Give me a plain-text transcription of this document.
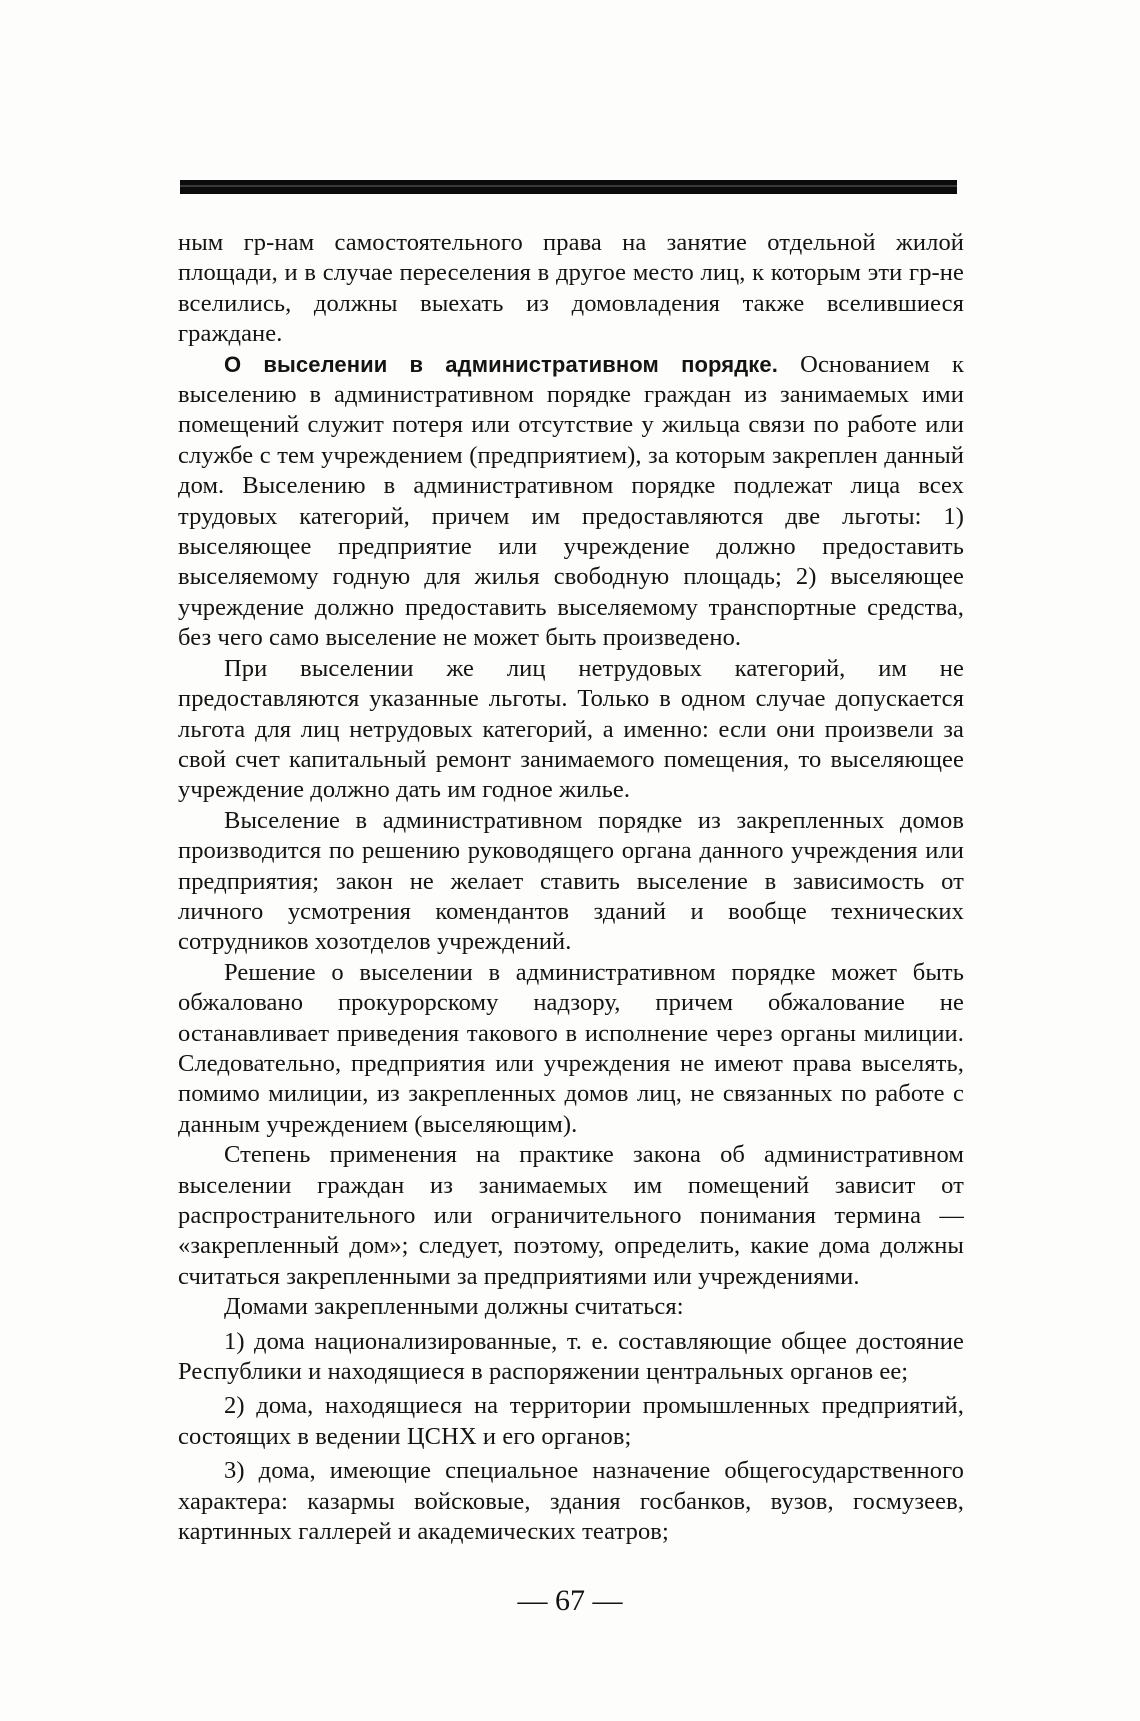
ным гр-нам самостоятельного права на занятие отдельной жилой площади, и в случае переселения в другое место лиц, к которым эти гр-не вселились, должны выехать из домовладения также вселившиеся граждане.

О выселении в административном порядке. Основанием к выселению в административном порядке граждан из занимаемых ими помещений служит потеря или отсутствие у жильца связи по работе или службе с тем учреждением (предприятием), за которым закреплен данный дом. Выселению в административном порядке подлежат лица всех трудовых категорий, причем им предоставляются две льготы: 1) выселяющее предприятие или учреждение должно предоставить выселяемому годную для жилья свободную площадь; 2) выселяющее учреждение должно предоставить выселяемому транспортные средства, без чего само выселение не может быть произведено.

При выселении же лиц нетрудовых категорий, им не предоставляются указанные льготы. Только в одном случае допускается льгота для лиц нетрудовых категорий, а именно: если они произвели за свой счет капитальный ремонт занимаемого помещения, то выселяющее учреждение должно дать им годное жилье.

Выселение в административном порядке из закрепленных домов производится по решению руководящего органа данного учреждения или предприятия; закон не желает ставить выселение в зависимость от личного усмотрения комендантов зданий и вообще технических сотрудников хозотделов учреждений.

Решение о выселении в административном порядке может быть обжаловано прокурорскому надзору, причем обжалование не останавливает приведения такового в исполнение через органы милиции. Следовательно, предприятия или учреждения не имеют права выселять, помимо милиции, из закрепленных домов лиц, не связанных по работе с данным учреждением (выселяющим).

Степень применения на практике закона об административном выселении граждан из занимаемых им помещений зависит от распространительного или ограничительного понимания термина — «закрепленный дом»; следует, поэтому, определить, какие дома должны считаться закрепленными за предприятиями или учреждениями.

Домами закрепленными должны считаться:

1) дома национализированные, т. е. составляющие общее достояние Республики и находящиеся в распоряжении центральных органов ее;

2) дома, находящиеся на территории промышленных предприятий, состоящих в ведении ЦСНХ и его органов;

3) дома, имеющие специальное назначение общегосударственного характера: казармы войсковые, здания госбанков, вузов, госмузеев, картинных галлерей и академических театров;

— 67 —
